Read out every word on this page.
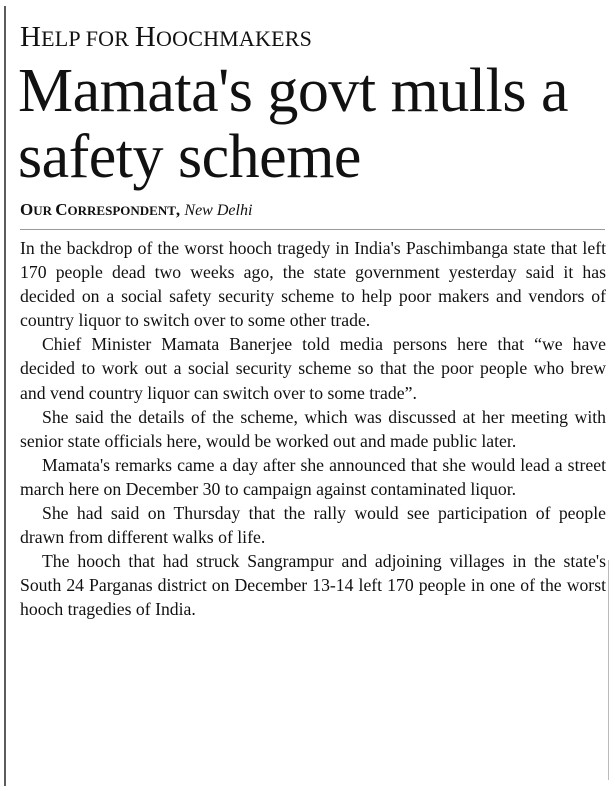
HELP FOR HOOCHMAKERS
Mamata's govt mulls a safety scheme
OUR CORRESPONDENT, New Delhi

In the backdrop of the worst hooch tragedy in India's Paschimbanga state that left 170 people dead two weeks ago, the state government yesterday said it has decided on a social safety security scheme to help poor makers and vendors of country liquor to switch over to some other trade.

Chief Minister Mamata Banerjee told media persons here that “we have decided to work out a social security scheme so that the poor people who brew and vend country liquor can switch over to some trade”.

She said the details of the scheme, which was discussed at her meeting with senior state officials here, would be worked out and made public later.

Mamata's remarks came a day after she announced that she would lead a street march here on December 30 to campaign against contaminated liquor.

She had said on Thursday that the rally would see participation of people drawn from different walks of life.

The hooch that had struck Sangrampur and adjoining villages in the state's South 24 Parganas district on December 13-14 left 170 people in one of the worst hooch tragedies of India.
